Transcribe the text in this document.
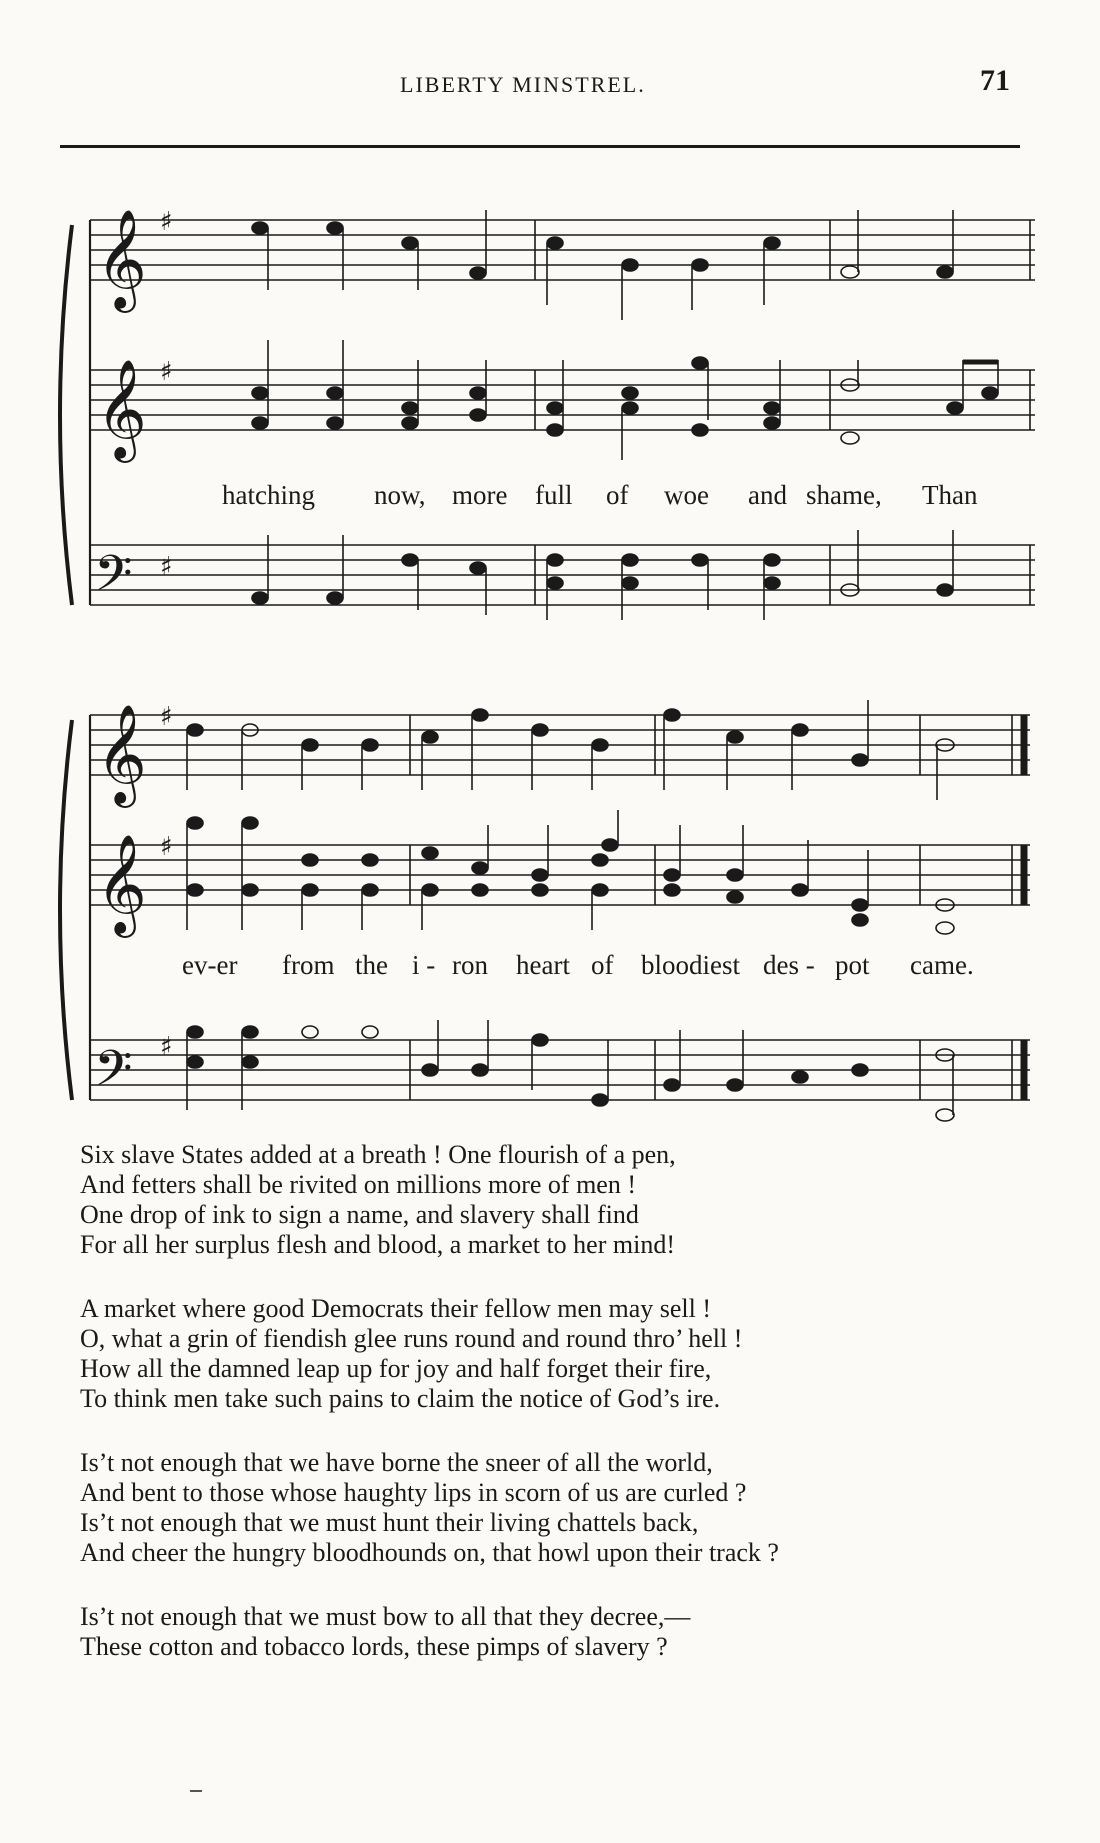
LIBERTY MINSTREL.	71
𝄞
𝄞
𝄢
𝄞
𝄞
𝄢
♯
♯
♯
♯
♯
♯
hatching now, more full of woe and shame, Than
ev-er from the i - ron heart of bloodiest des - pot came.
Six slave States added at a breath ! One flourish of a pen,
And fetters shall be rivited on millions more of men !
One drop of ink to sign a name, and slavery shall find
For all her surplus flesh and blood, a market to her mind!
A market where good Democrats their fellow men may sell !
O, what a grin of fiendish glee runs round and round thro’ hell !
How all the damned leap up for joy and half forget their fire,
To think men take such pains to claim the notice of God’s ire.
Is’t not enough that we have borne the sneer of all the world,
And bent to those whose haughty lips in scorn of us are curled ?
Is’t not enough that we must hunt their living chattels back,
And cheer the hungry bloodhounds on, that howl upon their track ?
Is’t not enough that we must bow to all that they decree,—
These cotton and tobacco lords, these pimps of slavery ?
